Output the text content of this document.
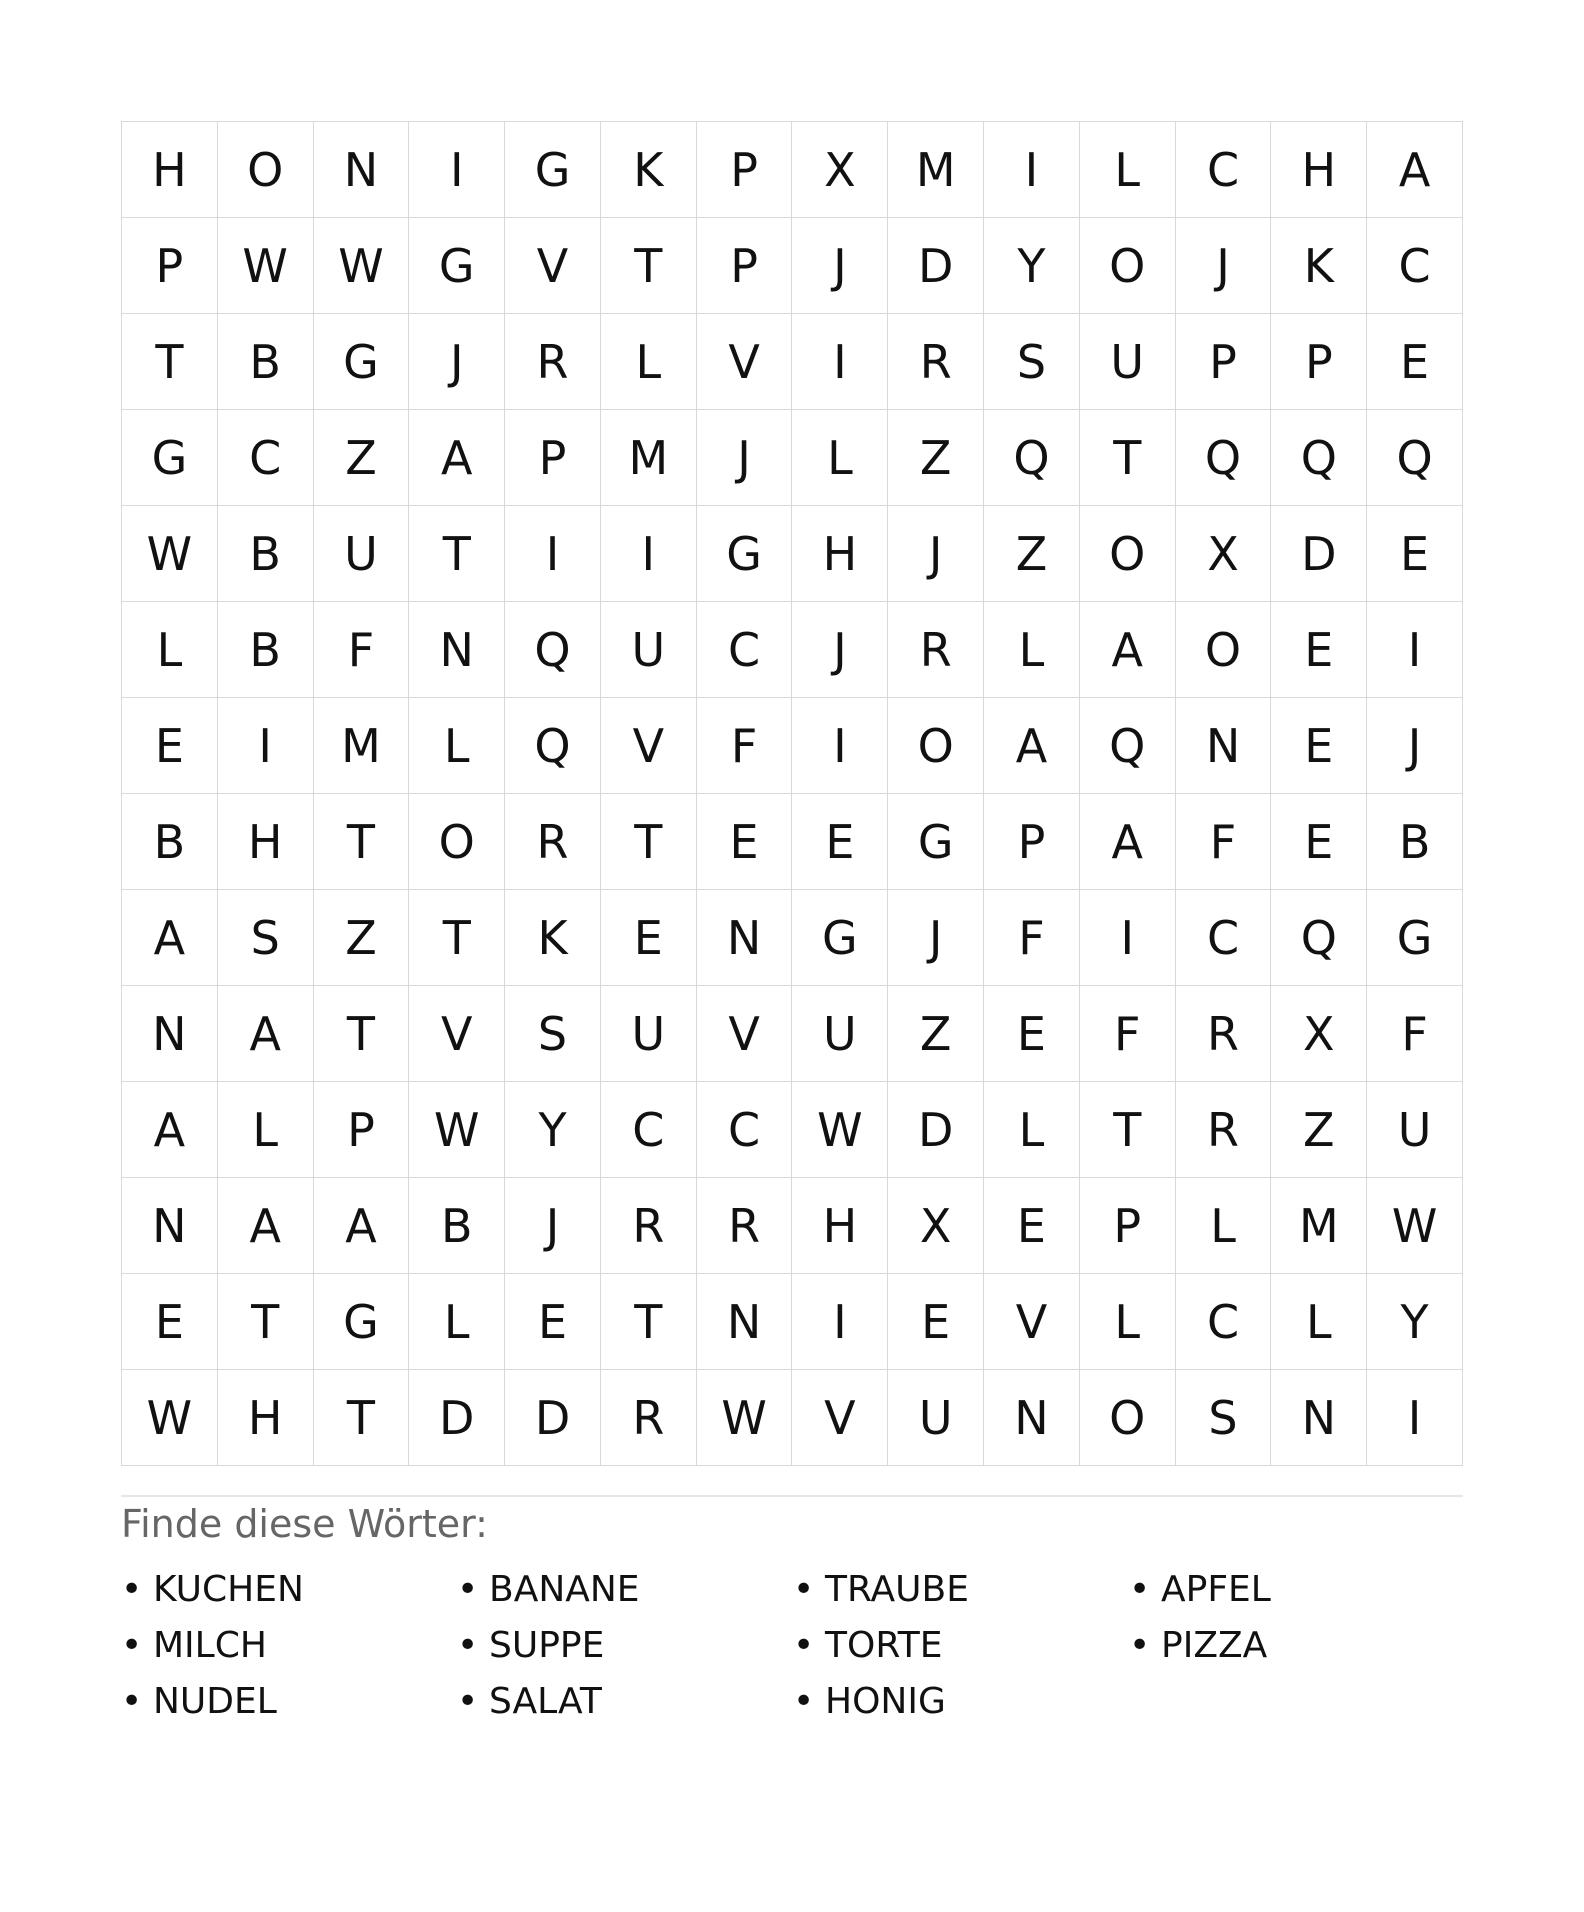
H	O	N	I	G	K	P	X	M	I	L	C	H	A
P	W	W	G	V	T	P	J	D	Y	O	J	K	C
T	B	G	J	R	L	V	I	R	S	U	P	P	E
G	C	Z	A	P	M	J	L	Z	Q	T	Q	Q	Q
W	B	U	T	I	I	G	H	J	Z	O	X	D	E
L	B	F	N	Q	U	C	J	R	L	A	O	E	I
E	I	M	L	Q	V	F	I	O	A	Q	N	E	J
B	H	T	O	R	T	E	E	G	P	A	F	E	B
A	S	Z	T	K	E	N	G	J	F	I	C	Q	G
N	A	T	V	S	U	V	U	Z	E	F	R	X	F
A	L	P	W	Y	C	C	W	D	L	T	R	Z	U
N	A	A	B	J	R	R	H	X	E	P	L	M	W
E	T	G	L	E	T	N	I	E	V	L	C	L	Y
W	H	T	D	D	R	W	V	U	N	O	S	N	I
Finde diese Wörter:
• KUCHEN	• BANANE	• TRAUBE	• APFEL
• MILCH	• SUPPE	• TORTE	• PIZZA
• NUDEL	• SALAT	• HONIG
